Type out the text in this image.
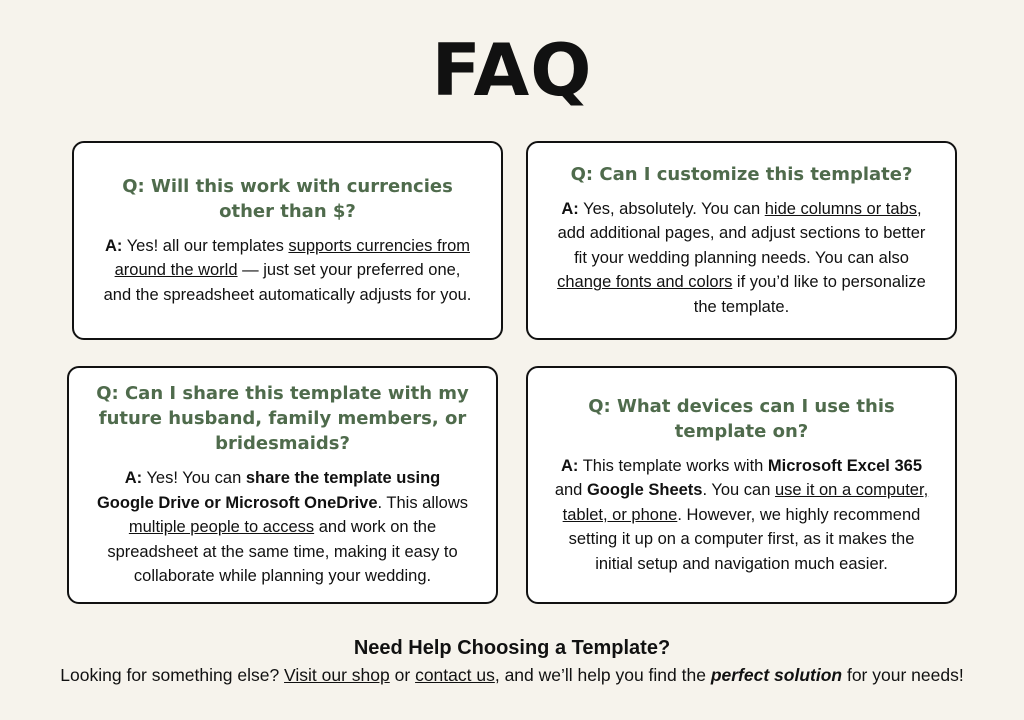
FAQ
Q: Will this work with currencies other than $?
A: Yes! all our templates supports currencies from around the world — just set your preferred one, and the spreadsheet automatically adjusts for you.
Q: Can I customize this template?
A: Yes, absolutely. You can hide columns or tabs, add additional pages, and adjust sections to better fit your wedding planning needs. You can also change fonts and colors if you’d like to personalize the template.
Q: Can I share this template with my future husband, family members, or bridesmaids?
A: Yes! You can share the template using Google Drive or Microsoft OneDrive. This allows multiple people to access and work on the spreadsheet at the same time, making it easy to collaborate while planning your wedding.
Q: What devices can I use this template on?
A: This template works with Microsoft Excel 365 and Google Sheets. You can use it on a computer, tablet, or phone. However, we highly recommend setting it up on a computer first, as it makes the initial setup and navigation much easier.
Need Help Choosing a Template?
Looking for something else? Visit our shop or contact us, and we’ll help you find the perfect solution for your needs!
